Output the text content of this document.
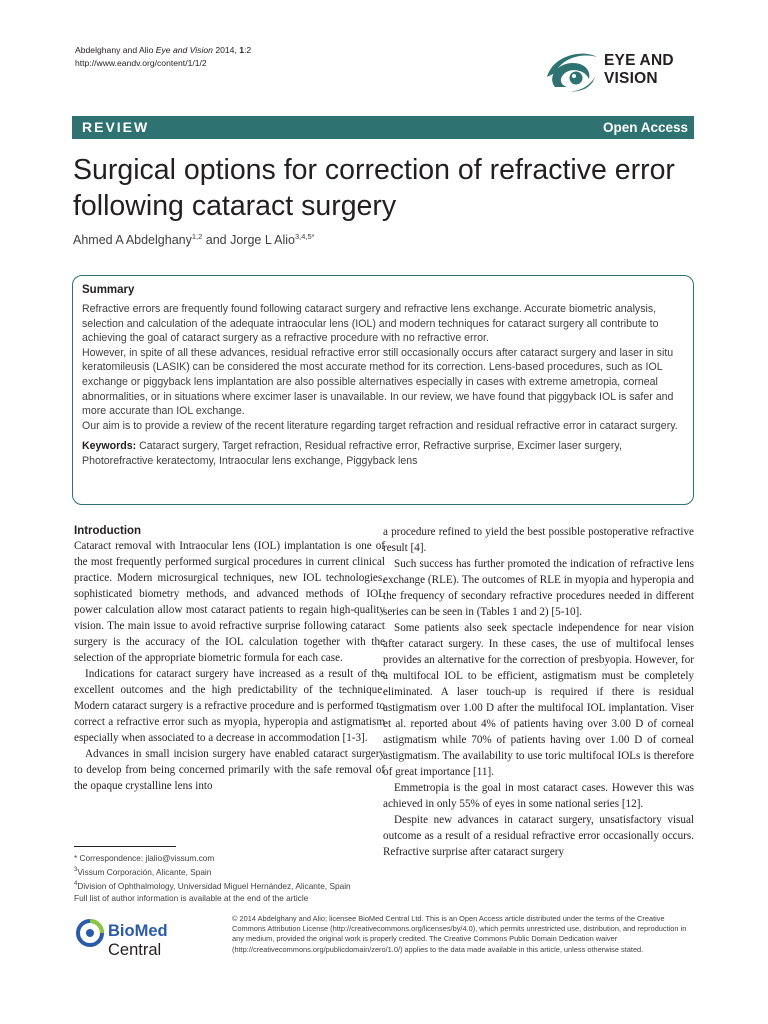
Abdelghany and Alio Eye and Vision 2014, 1:2
http://www.eandv.org/content/1/1/2	EYE AND
VISION
REVIEW	Open Access
Surgical options for correction of refractive error following cataract surgery
Ahmed A Abdelghany$^{1,2}$ and Jorge L Alio$^{3,4,5*}$
Summary

Refractive errors are frequently found following cataract surgery and refractive lens exchange. Accurate biometric analysis, selection and calculation of the adequate intraocular lens (IOL) and modern techniques for cataract surgery all contribute to achieving the goal of cataract surgery as a refractive procedure with no refractive error.

However, in spite of all these advances, residual refractive error still occasionally occurs after cataract surgery and laser in situ keratomileusis (LASIK) can be considered the most accurate method for its correction. Lens-based procedures, such as IOL exchange or piggyback lens implantation are also possible alternatives especially in cases with extreme ametropia, corneal abnormalities, or in situations where excimer laser is unavailable. In our review, we have found that piggyback IOL is safer and more accurate than IOL exchange.

Our aim is to provide a review of the recent literature regarding target refraction and residual refractive error in cataract surgery.

Keywords: Cataract surgery, Target refraction, Residual refractive error, Refractive surprise, Excimer laser surgery, Photorefractive keratectomy, Intraocular lens exchange, Piggyback lens

Introduction

Cataract removal with Intraocular lens (IOL) implantation is one of the most frequently performed surgical procedures in current clinical practice. Modern microsurgical techniques, new IOL technologies, sophisticated biometry methods, and advanced methods of IOL power calculation allow most cataract patients to regain high-quality vision. The main issue to avoid refractive surprise following cataract surgery is the accuracy of the IOL calculation together with the selection of the appropriate biometric formula for each case.

Indications for cataract surgery have increased as a result of the excellent outcomes and the high predictability of the technique. Modern cataract surgery is a refractive procedure and is performed to correct a refractive error such as myopia, hyperopia and astigmatism especially when associated to a decrease in accommodation [1-3].

Advances in small incision surgery have enabled cataract surgery to develop from being concerned primarily with the safe removal of the opaque crystalline lens into

a procedure refined to yield the best possible postoperative refractive result [4].

Such success has further promoted the indication of refractive lens exchange (RLE). The outcomes of RLE in myopia and hyperopia and the frequency of secondary refractive procedures needed in different series can be seen in (Tables 1 and 2) [5-10].

Some patients also seek spectacle independence for near vision after cataract surgery. In these cases, the use of multifocal lenses provides an alternative for the correction of presbyopia. However, for a multifocal IOL to be efficient, astigmatism must be completely eliminated. A laser touch-up is required if there is residual astigmatism over 1.00 D after the multifocal IOL implantation. Viser et al. reported about 4% of patients having over 3.00 D of corneal astigmatism while 70% of patients having over 1.00 D of corneal astigmatism. The availability to use toric multifocal IOLs is therefore of great importance [11].

Emmetropia is the goal in most cataract cases. However this was achieved in only 55% of eyes in some national series [12].

Despite new advances in cataract surgery, unsatisfactory visual outcome as a result of a residual refractive error occasionally occurs. Refractive surprise after cataract surgery

* Correspondence: jlalio@vissum.com
$^3$Vissum Corporación, Alicante, Spain
$^4$Division of Ophthalmology, Universidad Miguel Hernández, Alicante, Spain
Full list of author information is available at the end of the article
BioMed Central
© 2014 Abdelghany and Alio; licensee BioMed Central Ltd. This is an Open Access article distributed under the terms of the Creative Commons Attribution License (http://creativecommons.org/licenses/by/4.0), which permits unrestricted use, distribution, and reproduction in any medium, provided the original work is properly credited. The Creative Commons Public Domain Dedication waiver (http://creativecommons.org/publicdomain/zero/1.0/) applies to the data made available in this article, unless otherwise stated.
